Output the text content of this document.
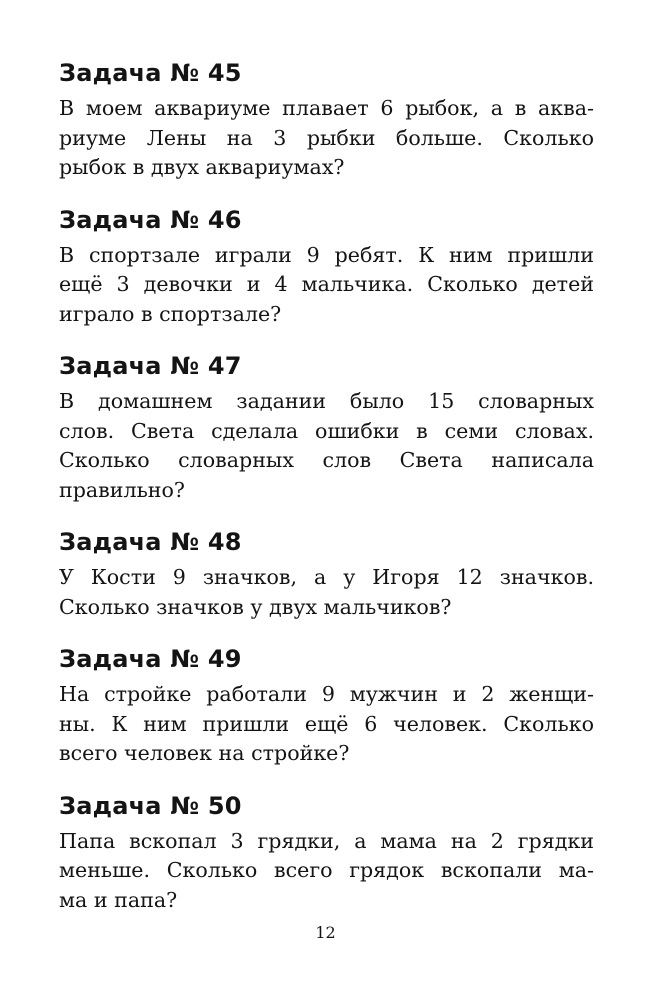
Задача № 45

В моем аквариуме плавает 6 рыбок, а в аква-
риуме Лены на 3 рыбки больше. Сколько
рыбок в двух аквариумах?

Задача № 46

В спортзале играли 9 ребят. К ним пришли
ещё 3 девочки и 4 мальчика. Сколько детей
играло в спортзале?

Задача № 47

В домашнем задании было 15 словарных
слов. Света сделала ошибки в семи словах.
Сколько словарных слов Света написала
правильно?

Задача № 48

У Кости 9 значков, а у Игоря 12 значков.
Сколько значков у двух мальчиков?

Задача № 49

На стройке работали 9 мужчин и 2 женщи-
ны. К ним пришли ещё 6 человек. Сколько
всего человек на стройке?

Задача № 50

Папа вскопал 3 грядки, а мама на 2 грядки
меньше. Сколько всего грядок вскопали ма-
ма и папа?

12
